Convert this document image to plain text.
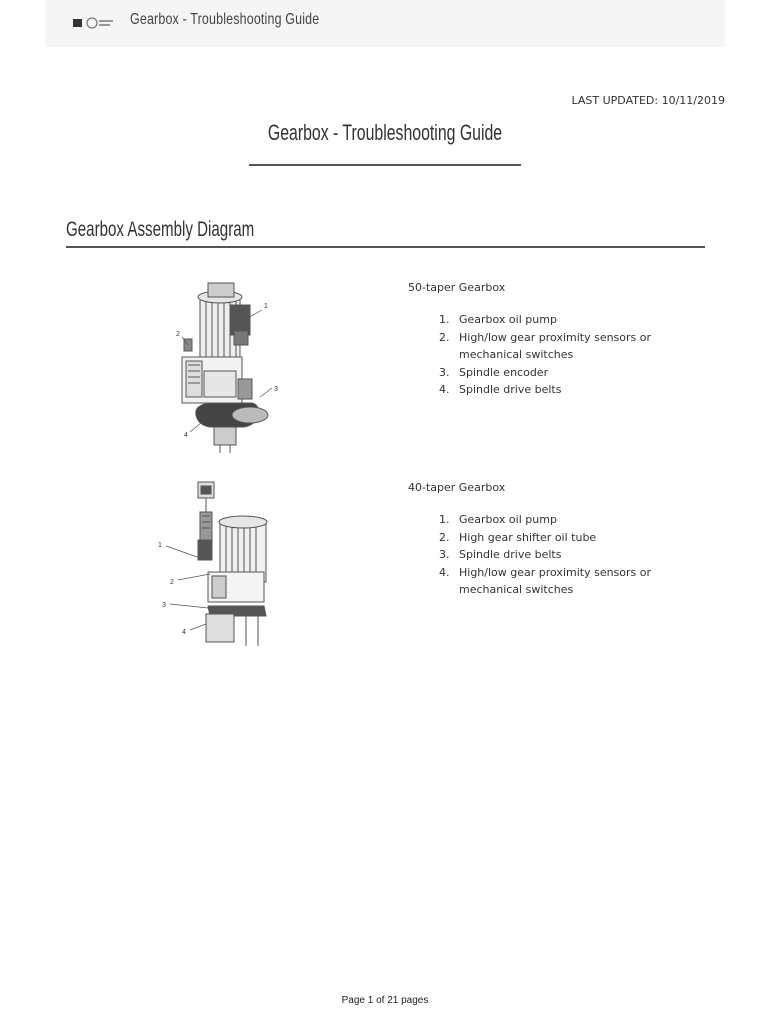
Gearbox - Troubleshooting Guide
LAST UPDATED: 10/11/2019
Gearbox - Troubleshooting Guide
Gearbox Assembly Diagram
1
2
3
4
50-taper Gearbox
1. Gearbox oil pump
2. High/low gear proximity sensors or mechanical switches
3. Spindle encoder
4. Spindle drive belts
1
2
3
4
40-taper Gearbox
1. Gearbox oil pump
2. High gear shifter oil tube
3. Spindle drive belts
4. High/low gear proximity sensors or mechanical switches
Page 1 of 21 pages
